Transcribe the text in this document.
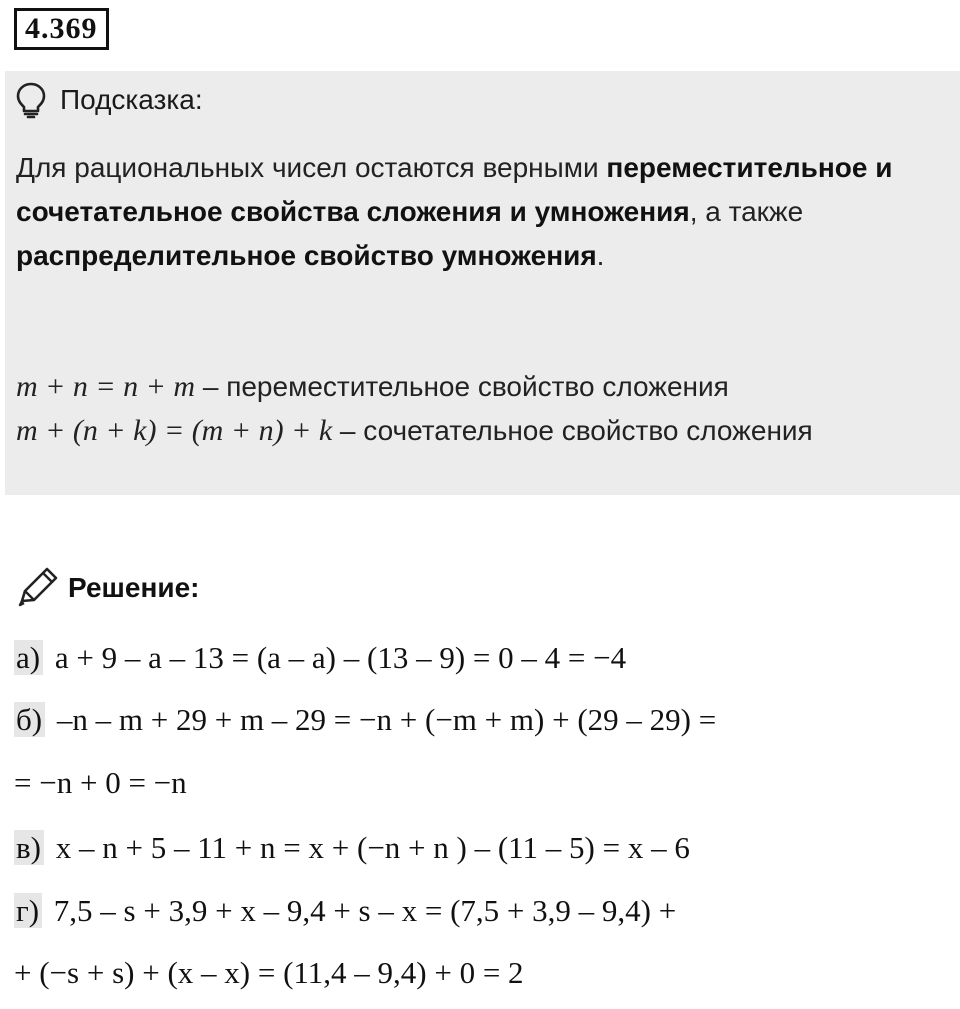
4.369
Подсказка:
Для рациональных чисел остаются верными переместительное и сочетательное свойства сложения и умножения, а также распределительное свойство умножения.
m + n = n + m – переместительное свойство сложения
m + (n + k) = (m + n) + k – сочетательное свойство сложения
Решение:
а) a + 9 – a – 13 = (a – a) – (13 – 9) = 0 – 4 = −4
б) –n – m + 29 + m – 29 = −n + (−m + m) + (29 – 29) =
= −n + 0 = −n
в) x – n + 5 – 11 + n = x + (−n + n ) – (11 – 5) = x – 6
г) 7,5 – s + 3,9 + x – 9,4 + s – x = (7,5 + 3,9 – 9,4) +
+ (−s + s) + (x – x) = (11,4 – 9,4) + 0 = 2
